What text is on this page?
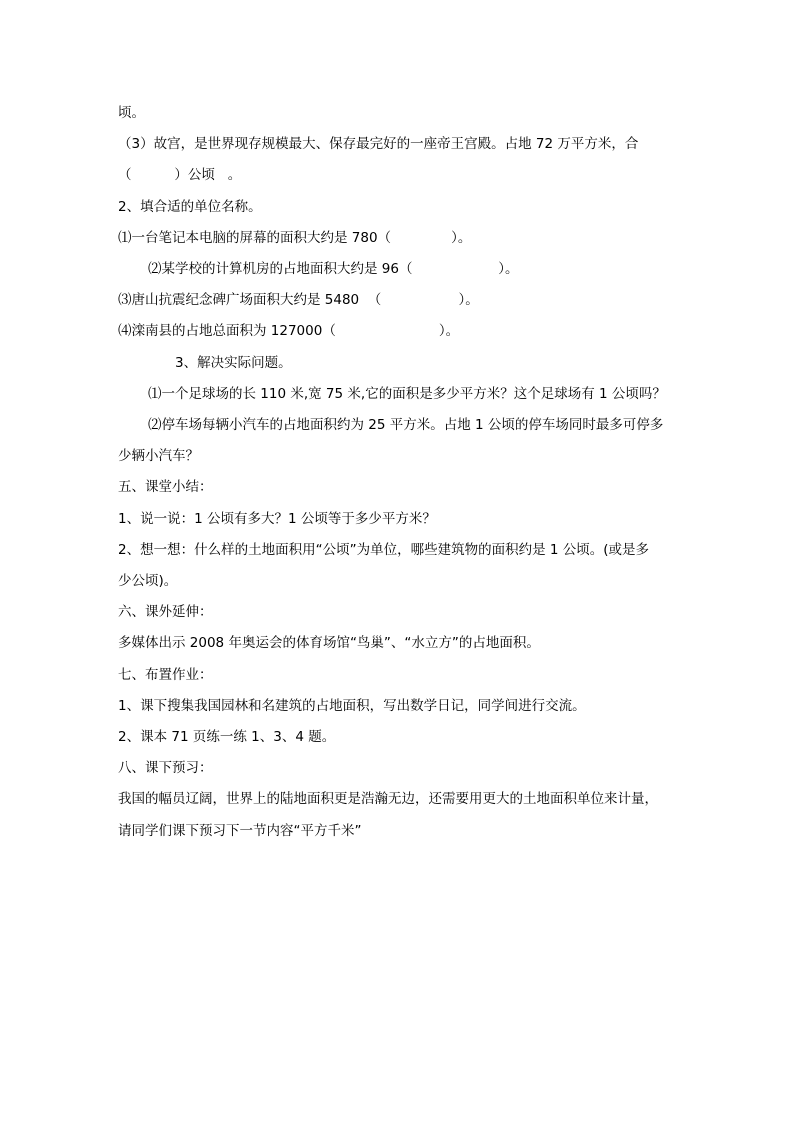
顷。
（3）故宫，是世界现存规模最大、保存最完好的一座帝王宫殿。占地 72 万平方米，合
（          ）公顷   。
2、填合适的单位名称。
⑴一台笔记本电脑的屏幕的面积大约是 780（              ）。
⑵某学校的计算机房的占地面积大约是 96（                    ）。
⑶唐山抗震纪念碑广场面积大约是 5480  （                  ）。
⑷滦南县的占地总面积为 127000（                        ）。
3、解决实际问题。
⑴一个足球场的长 110 米,宽 75 米,它的面积是多少平方米？这个足球场有 1 公顷吗？
⑵停车场每辆小汽车的占地面积约为 25 平方米。占地 1 公顷的停车场同时最多可停多
少辆小汽车？
五、课堂小结：
1、说一说：1 公顷有多大？1 公顷等于多少平方米？
2、想一想：什么样的土地面积用“公顷”为单位，哪些建筑物的面积约是 1 公顷。(或是多
少公顷)。
六、课外延伸：
多媒体出示 2008 年奥运会的体育场馆“鸟巢”、“水立方”的占地面积。
七、布置作业：
1、课下搜集我国园林和名建筑的占地面积，写出数学日记，同学间进行交流。
2、课本 71 页练一练 1、3、4 题。
八、课下预习：
我国的幅员辽阔，世界上的陆地面积更是浩瀚无边，还需要用更大的土地面积单位来计量，
请同学们课下预习下一节内容“平方千米”
